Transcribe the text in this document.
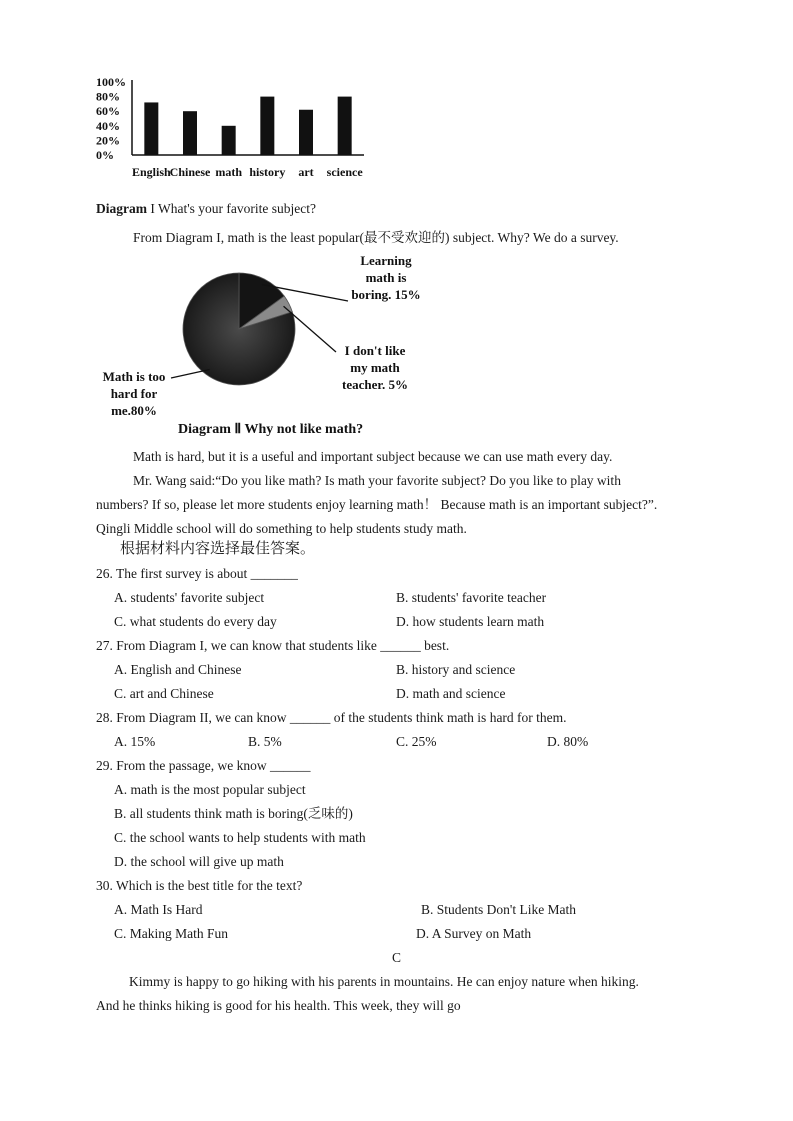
100%
80%
60%
40%
20%
0%
English
Chinese math history art science
Diagram I What's your favorite subject?
From Diagram I, math is the least popular(最不受欢迎的) subject. Why? We do a survey.
Learning
math is
boring. 15%
I don't like
my math
teacher. 5%
Math is too
hard for
me.80%
Diagram Ⅱ Why not like math?
Math is hard, but it is a useful and important subject because we can use math every day.
Mr. Wang said:“Do you like math? Is math your favorite subject? Do you like to play with
numbers? If so, please let more students enjoy learning math！ Because math is an important subject?”.
Qingli Middle school will do something to help students study math.
根据材料内容选择最佳答案。
26. The first survey is about _______
A. students' favorite subject	B. students' favorite teacher
C. what students do every day	D. how students learn math
27. From Diagram I, we can know that students like ______ best.
A. English and Chinese	B. history and science
C. art and Chinese	D. math and science
28. From Diagram II, we can know ______ of the students think math is hard for them.
A. 15%	B. 5%	C. 25%	D. 80%
29. From the passage, we know ______
A. math is the most popular subject
B. all students think math is boring(乏味的)
C. the school wants to help students with math
D. the school will give up math
30. Which is the best title for the text?
A. Math Is Hard	B. Students Don't Like Math
C. Making Math Fun	D. A Survey on Math
C
Kimmy is happy to go hiking with his parents in mountains. He can enjoy nature when hiking.
And he thinks hiking is good for his health. This week, they will go
